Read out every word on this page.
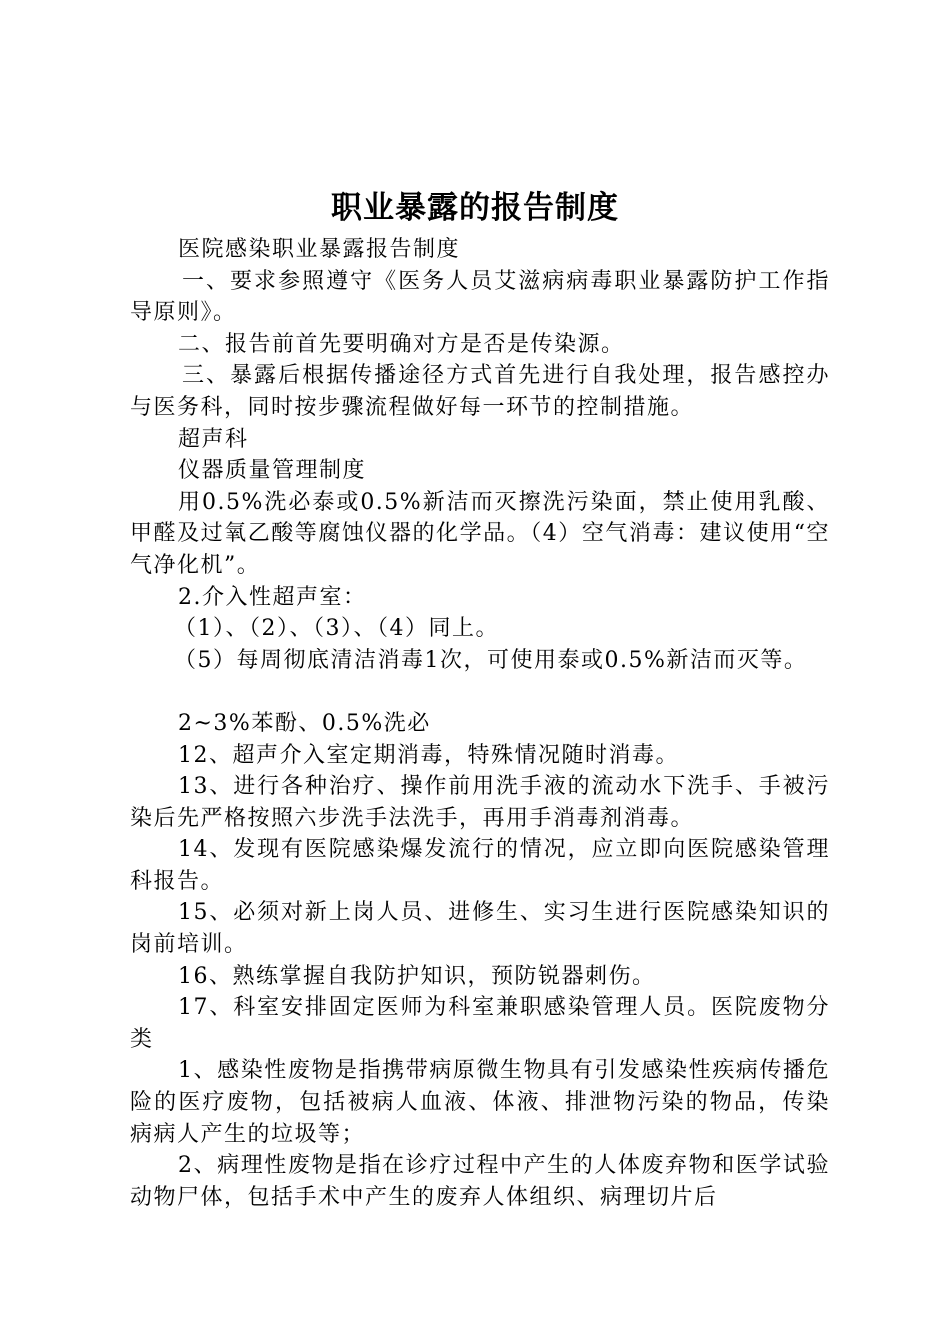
职业暴露的报告制度

医院感染职业暴露报告制度

一、要求参照遵守《医务人员艾滋病病毒职业暴露防护工作指导原则》。

二、报告前首先要明确对方是否是传染源。

三、暴露后根据传播途径方式首先进行自我处理，报告感控办与医务科，同时按步骤流程做好每一环节的控制措施。

超声科

仪器质量管理制度

用0.5%洗必泰或0.5%新洁而灭擦洗污染面，禁止使用乳酸、甲醛及过氧乙酸等腐蚀仪器的化学品。（4）空气消毒：建议使用“空气净化机”。

2.介入性超声室：

（1）、（2）、（3）、（4）同上。

（5）每周彻底清洁消毒1次，可使用泰或0.5%新洁而灭等。

2~3%苯酚、0.5%洗必

12、超声介入室定期消毒，特殊情况随时消毒。

13、进行各种治疗、操作前用洗手液的流动水下洗手、手被污染后先严格按照六步洗手法洗手，再用手消毒剂消毒。

14、发现有医院感染爆发流行的情况，应立即向医院感染管理科报告。

15、必须对新上岗人员、进修生、实习生进行医院感染知识的岗前培训。

16、熟练掌握自我防护知识，预防锐器刺伤。

17、科室安排固定医师为科室兼职感染管理人员。医院废物分类

1、感染性废物是指携带病原微生物具有引发感染性疾病传播危险的医疗废物，包括被病人血液、体液、排泄物污染的物品，传染病病人产生的垃圾等；

2、病理性废物是指在诊疗过程中产生的人体废弃物和医学试验动物尸体，包括手术中产生的废弃人体组织、病理切片后
